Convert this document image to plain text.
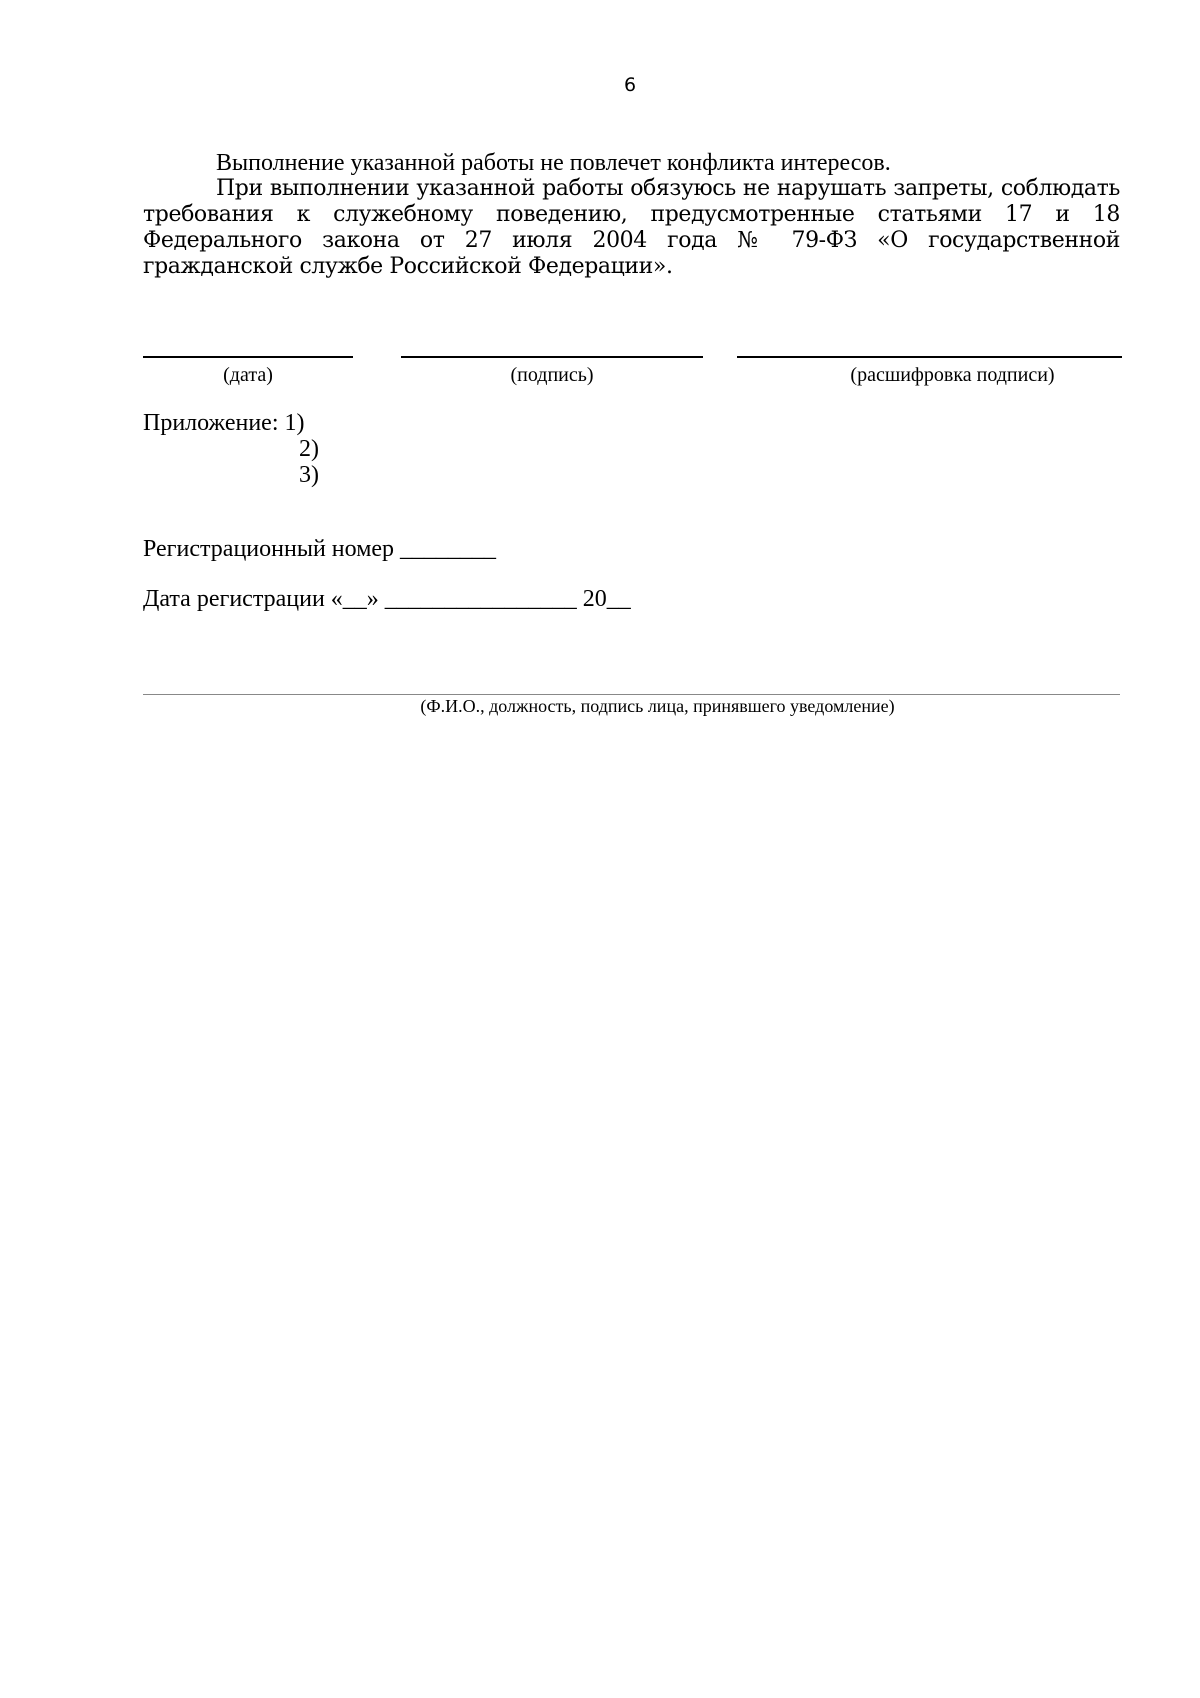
6

Выполнение указанной работы не повлечет конфликта интересов.

При выполнении указанной работы обязуюсь не нарушать запреты, соблюдать требования к служебному поведению, предусмотренные статьями 17 и 18 Федерального закона от 27 июля 2004 года № 79-ФЗ «О государственной гражданской службе Российской Федерации».

(дата)	(подпись)	(расшифровка подписи)
Приложение: 1)
2)
3)
Регистрационный номер ________
Дата регистрации «__» ________________ 20__
(Ф.И.О., должность, подпись лица, принявшего уведомление)
